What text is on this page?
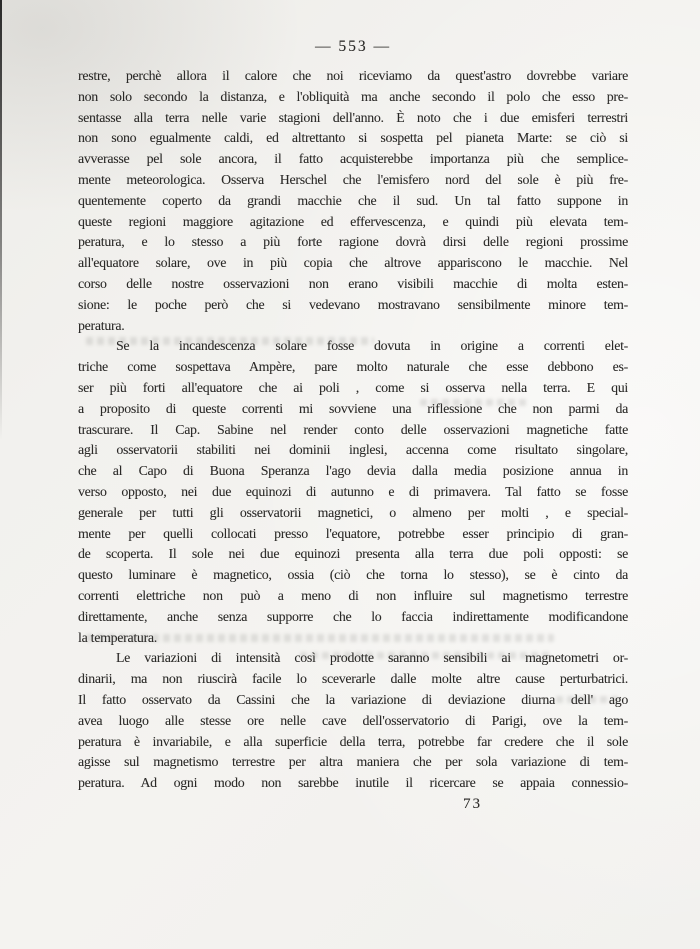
— 553 —
restre, perchè allora il calore che noi riceviamo da quest'astro dovrebbe variare
non solo secondo la distanza, e l'obliquità ma anche secondo il polo che esso pre-
sentasse alla terra nelle varie stagioni dell'anno. È noto che i due emisferi terrestri
non sono egualmente caldi, ed altrettanto si sospetta pel pianeta Marte: se ciò si
avverasse pel sole ancora, il fatto acquisterebbe importanza più che semplice-
mente meteorologica. Osserva Herschel che l'emisfero nord del sole è più fre-
quentemente coperto da grandi macchie che il sud. Un tal fatto suppone in
queste regioni maggiore agitazione ed effervescenza, e quindi più elevata tem-
peratura, e lo stesso a più forte ragione dovrà dirsi delle regioni prossime
all'equatore solare, ove in più copia che altrove appariscono le macchie. Nel
corso delle nostre osservazioni non erano visibili macchie di molta esten-
sione: le poche però che si vedevano mostravano sensibilmente minore tem-
peratura.
Se la incandescenza solare fosse dovuta in origine a correnti elet-
triche come sospettava Ampère, pare molto naturale che esse debbono es-
ser più forti all'equatore che ai poli , come si osserva nella terra. E qui
a proposito di queste correnti mi sovviene una riflessione che non parmi da
trascurare. Il Cap. Sabine nel render conto delle osservazioni magnetiche fatte
agli osservatorii stabiliti nei dominii inglesi, accenna come risultato singolare,
che al Capo di Buona Speranza l'ago devia dalla media posizione annua in
verso opposto, nei due equinozi di autunno e di primavera. Tal fatto se fosse
generale per tutti gli osservatorii magnetici, o almeno per molti , e special-
mente per quelli collocati presso l'equatore, potrebbe esser principio di gran-
de scoperta. Il sole nei due equinozi presenta alla terra due poli opposti: se
questo luminare è magnetico, ossia (ciò che torna lo stesso), se è cinto da
correnti elettriche non può a meno di non influire sul magnetismo terrestre
direttamente, anche senza supporre che lo faccia indirettamente modificandone
la temperatura.
Le variazioni di intensità così prodotte saranno sensibili ai magnetometri or-
dinarii, ma non riuscirà facile lo sceverarle dalle molte altre cause perturbatrici.
Il fatto osservato da Cassini che la variazione di deviazione diurna dell' ago
avea luogo alle stesse ore nelle cave dell'osservatorio di Parigi, ove la tem-
peratura è invariabile, e alla superficie della terra, potrebbe far credere che il sole
agisse sul magnetismo terrestre per altra maniera che per sola variazione di tem-
peratura. Ad ogni modo non sarebbe inutile il ricercare se appaia connessio-
73
